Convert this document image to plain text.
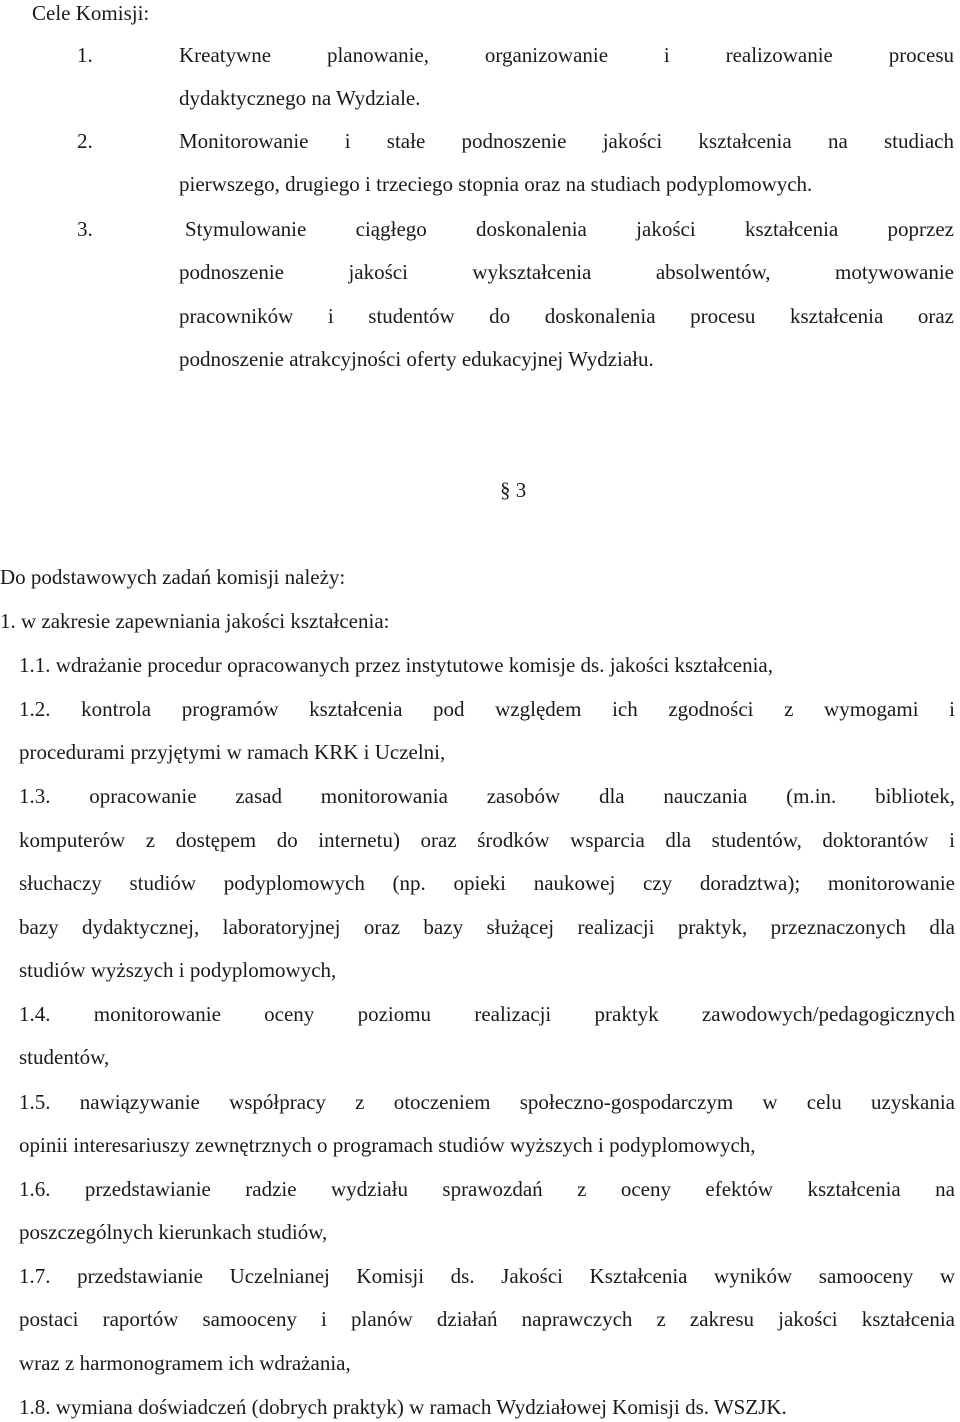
Cele Komisji:
1.	Kreatywne planowanie, organizowanie i realizowanie procesu
dydaktycznego na Wydziale.
2.	Monitorowanie i stałe podnoszenie jakości kształcenia na studiach
pierwszego, drugiego i trzeciego stopnia oraz na studiach podyplomowych.
3.	Stymulowanie ciągłego doskonalenia jakości kształcenia poprzez
podnoszenie jakości wykształcenia absolwentów, motywowanie
pracowników i studentów do doskonalenia procesu kształcenia oraz
podnoszenie atrakcyjności oferty edukacyjnej Wydziału.
§ 3
Do podstawowych zadań komisji należy:
1. w zakresie zapewniania jakości kształcenia:
1.1. wdrażanie procedur opracowanych przez instytutowe komisje ds. jakości kształcenia,
1.2. kontrola programów kształcenia pod względem ich zgodności z wymogami i
procedurami przyjętymi w ramach KRK i Uczelni,
1.3. opracowanie zasad monitorowania zasobów dla nauczania (m.in. bibliotek,
komputerów z dostępem do internetu) oraz środków wsparcia dla studentów, doktorantów i
słuchaczy studiów podyplomowych (np. opieki naukowej czy doradztwa); monitorowanie
bazy dydaktycznej, laboratoryjnej oraz bazy służącej realizacji praktyk, przeznaczonych dla
studiów wyższych i podyplomowych,
1.4. monitorowanie oceny poziomu realizacji praktyk zawodowych/pedagogicznych
studentów,
1.5. nawiązywanie współpracy z otoczeniem społeczno-gospodarczym w celu uzyskania
opinii interesariuszy zewnętrznych o programach studiów wyższych i podyplomowych,
1.6. przedstawianie radzie wydziału sprawozdań z oceny efektów kształcenia na
poszczególnych kierunkach studiów,
1.7. przedstawianie Uczelnianej Komisji ds. Jakości Kształcenia wyników samooceny w
postaci raportów samooceny i planów działań naprawczych z zakresu jakości kształcenia
wraz z harmonogramem ich wdrażania,
1.8. wymiana doświadczeń (dobrych praktyk) w ramach Wydziałowej Komisji ds. WSZJK.
